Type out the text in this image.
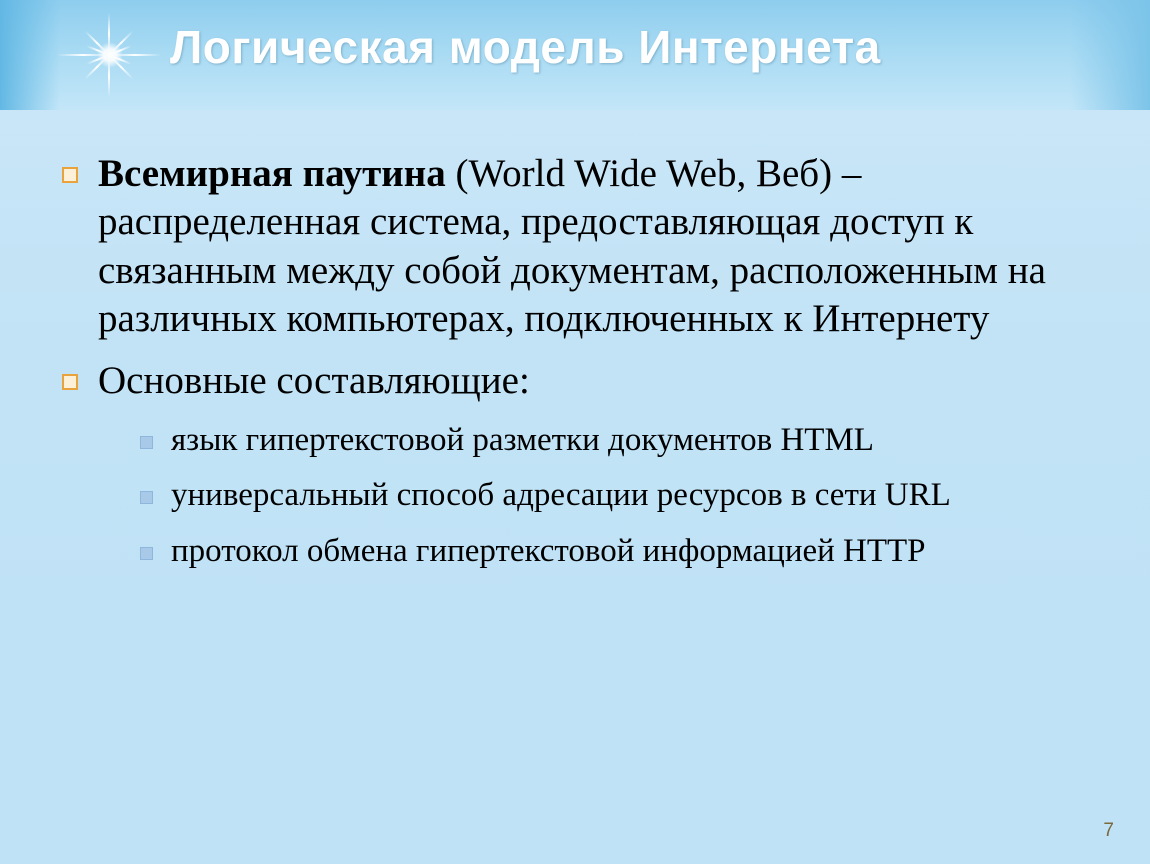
Логическая модель Интернета
Всемирная паутина (World Wide Web, Веб) – распределенная система, предоставляющая доступ к связанным между собой документам, расположенным на различных компьютерах, подключенных к Интернету
Основные составляющие:
язык гипертекстовой разметки документов HTML
универсальный способ адресации ресурсов в сети URL
протокол обмена гипертекстовой информацией HTTP
7
